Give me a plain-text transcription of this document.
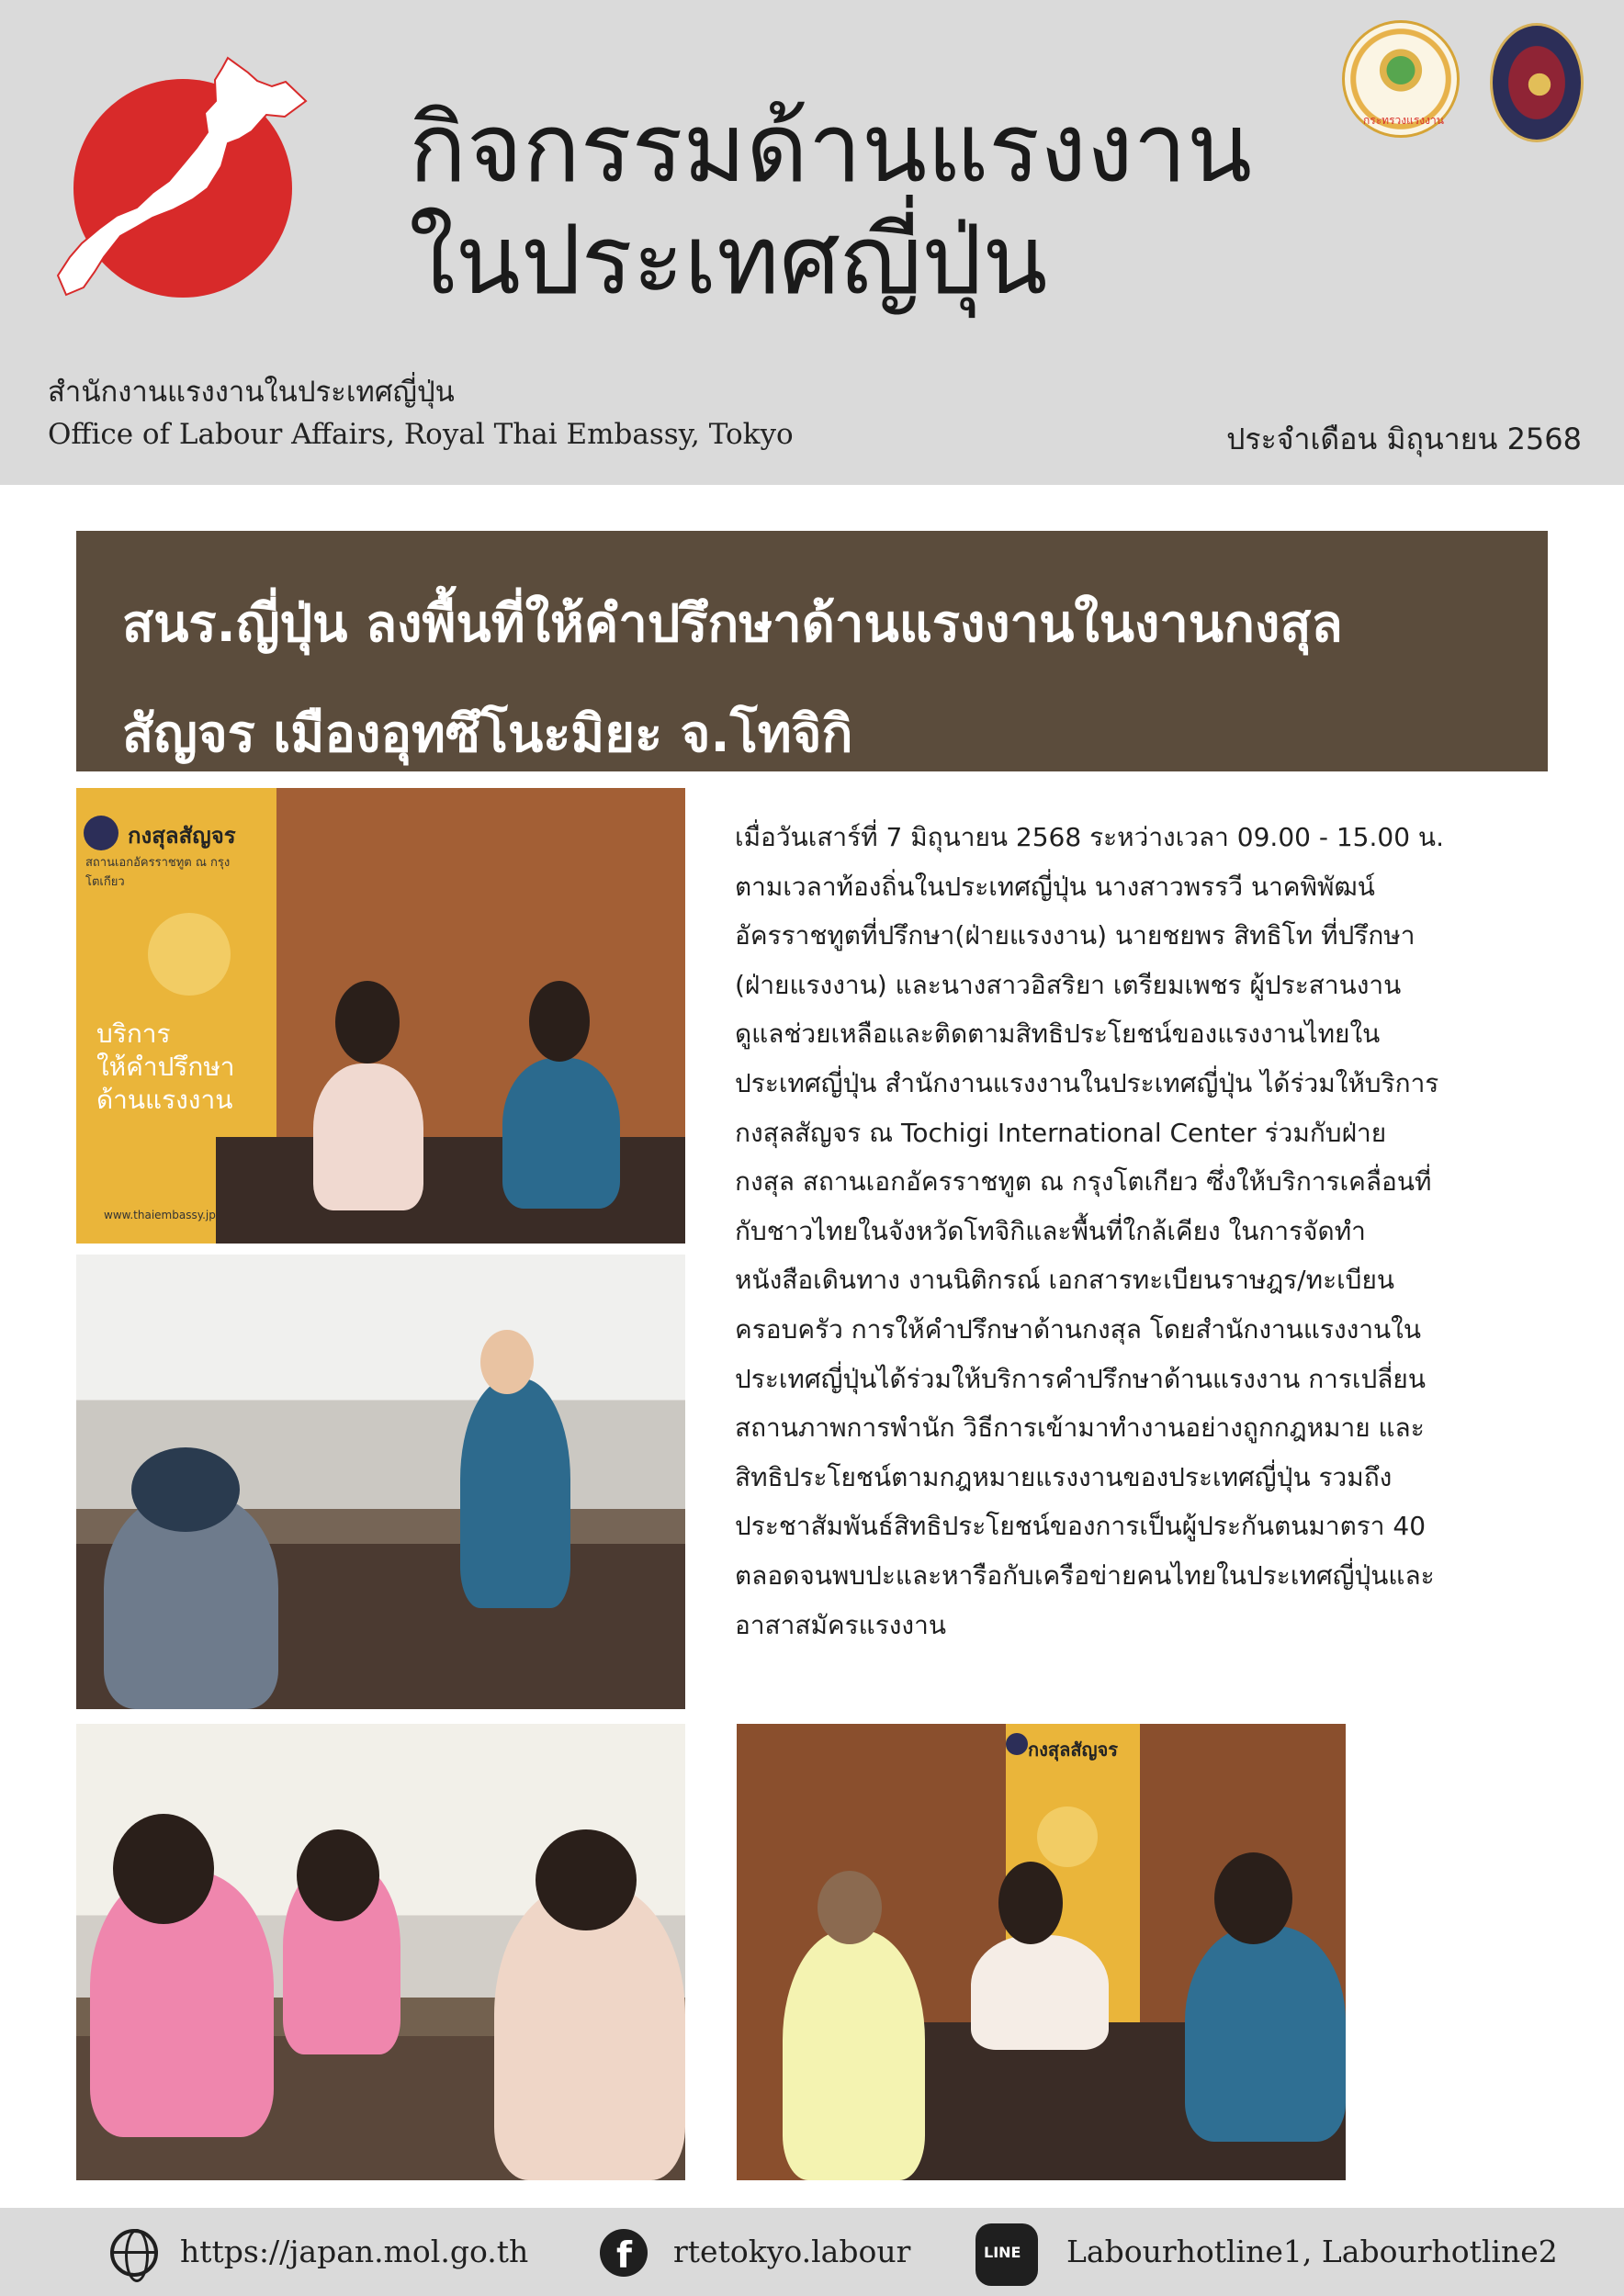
กิจกรรมด้านแรงงาน
ในประเทศญี่ปุ่น
กระทรวงแรงงาน
สำนักงานแรงงานในประเทศญี่ปุ่น
Office of Labour Affairs, Royal Thai Embassy, Tokyo	ประจำเดือน มิถุนายน 2568
สนร.ญี่ปุ่น ลงพื้นที่ให้คำปรึกษาด้านแรงงานในงานกงสุล
สัญจร เมืองอุทซึโนะมิยะ จ.โทจิกิ
กงสุลสัญจร
สถานเอกอัครราชทูต ณ กรุงโตเกียว
บริการ
ให้คำปรึกษา
ด้านแรงงาน
www.thaiembassy.jp
กงสุลสัญจร
เมื่อวันเสาร์ที่ 7 มิถุนายน 2568 ระหว่างเวลา 09.00 - 15.00 น.
ตามเวลาท้องถิ่นในประเทศญี่ปุ่น นางสาวพรรวี นาคพิพัฒน์
อัครราชทูตที่ปรึกษา(ฝ่ายแรงงาน) นายชยพร สิทธิโท ที่ปรึกษา
(ฝ่ายแรงงาน) และนางสาวอิสริยา เตรียมเพชร ผู้ประสานงาน
ดูแลช่วยเหลือและติดตามสิทธิประโยชน์ของแรงงานไทยใน
ประเทศญี่ปุ่น สำนักงานแรงงานในประเทศญี่ปุ่น ได้ร่วมให้บริการ
กงสุลสัญจร ณ Tochigi International Center ร่วมกับฝ่าย
กงสุล สถานเอกอัครราชทูต ณ กรุงโตเกียว ซึ่งให้บริการเคลื่อนที่
กับชาวไทยในจังหวัดโทจิกิและพื้นที่ใกล้เคียง ในการจัดทำ
หนังสือเดินทาง งานนิติกรณ์ เอกสารทะเบียนราษฎร/ทะเบียน
ครอบครัว การให้คำปรึกษาด้านกงสุล โดยสำนักงานแรงงานใน
ประเทศญี่ปุ่นได้ร่วมให้บริการคำปรึกษาด้านแรงงาน การเปลี่ยน
สถานภาพการพำนัก วิธีการเข้ามาทำงานอย่างถูกกฎหมาย และ
สิทธิประโยชน์ตามกฎหมายแรงงานของประเทศญี่ปุ่น รวมถึง
ประชาสัมพันธ์สิทธิประโยชน์ของการเป็นผู้ประกันตนมาตรา 40
ตลอดจนพบปะและหารือกับเครือข่ายคนไทยในประเทศญี่ปุ่นและ
อาสาสมัครแรงงาน
https://japan.mol.go.th f rtetokyo.labour	LINE Labourhotline1, Labourhotline2
